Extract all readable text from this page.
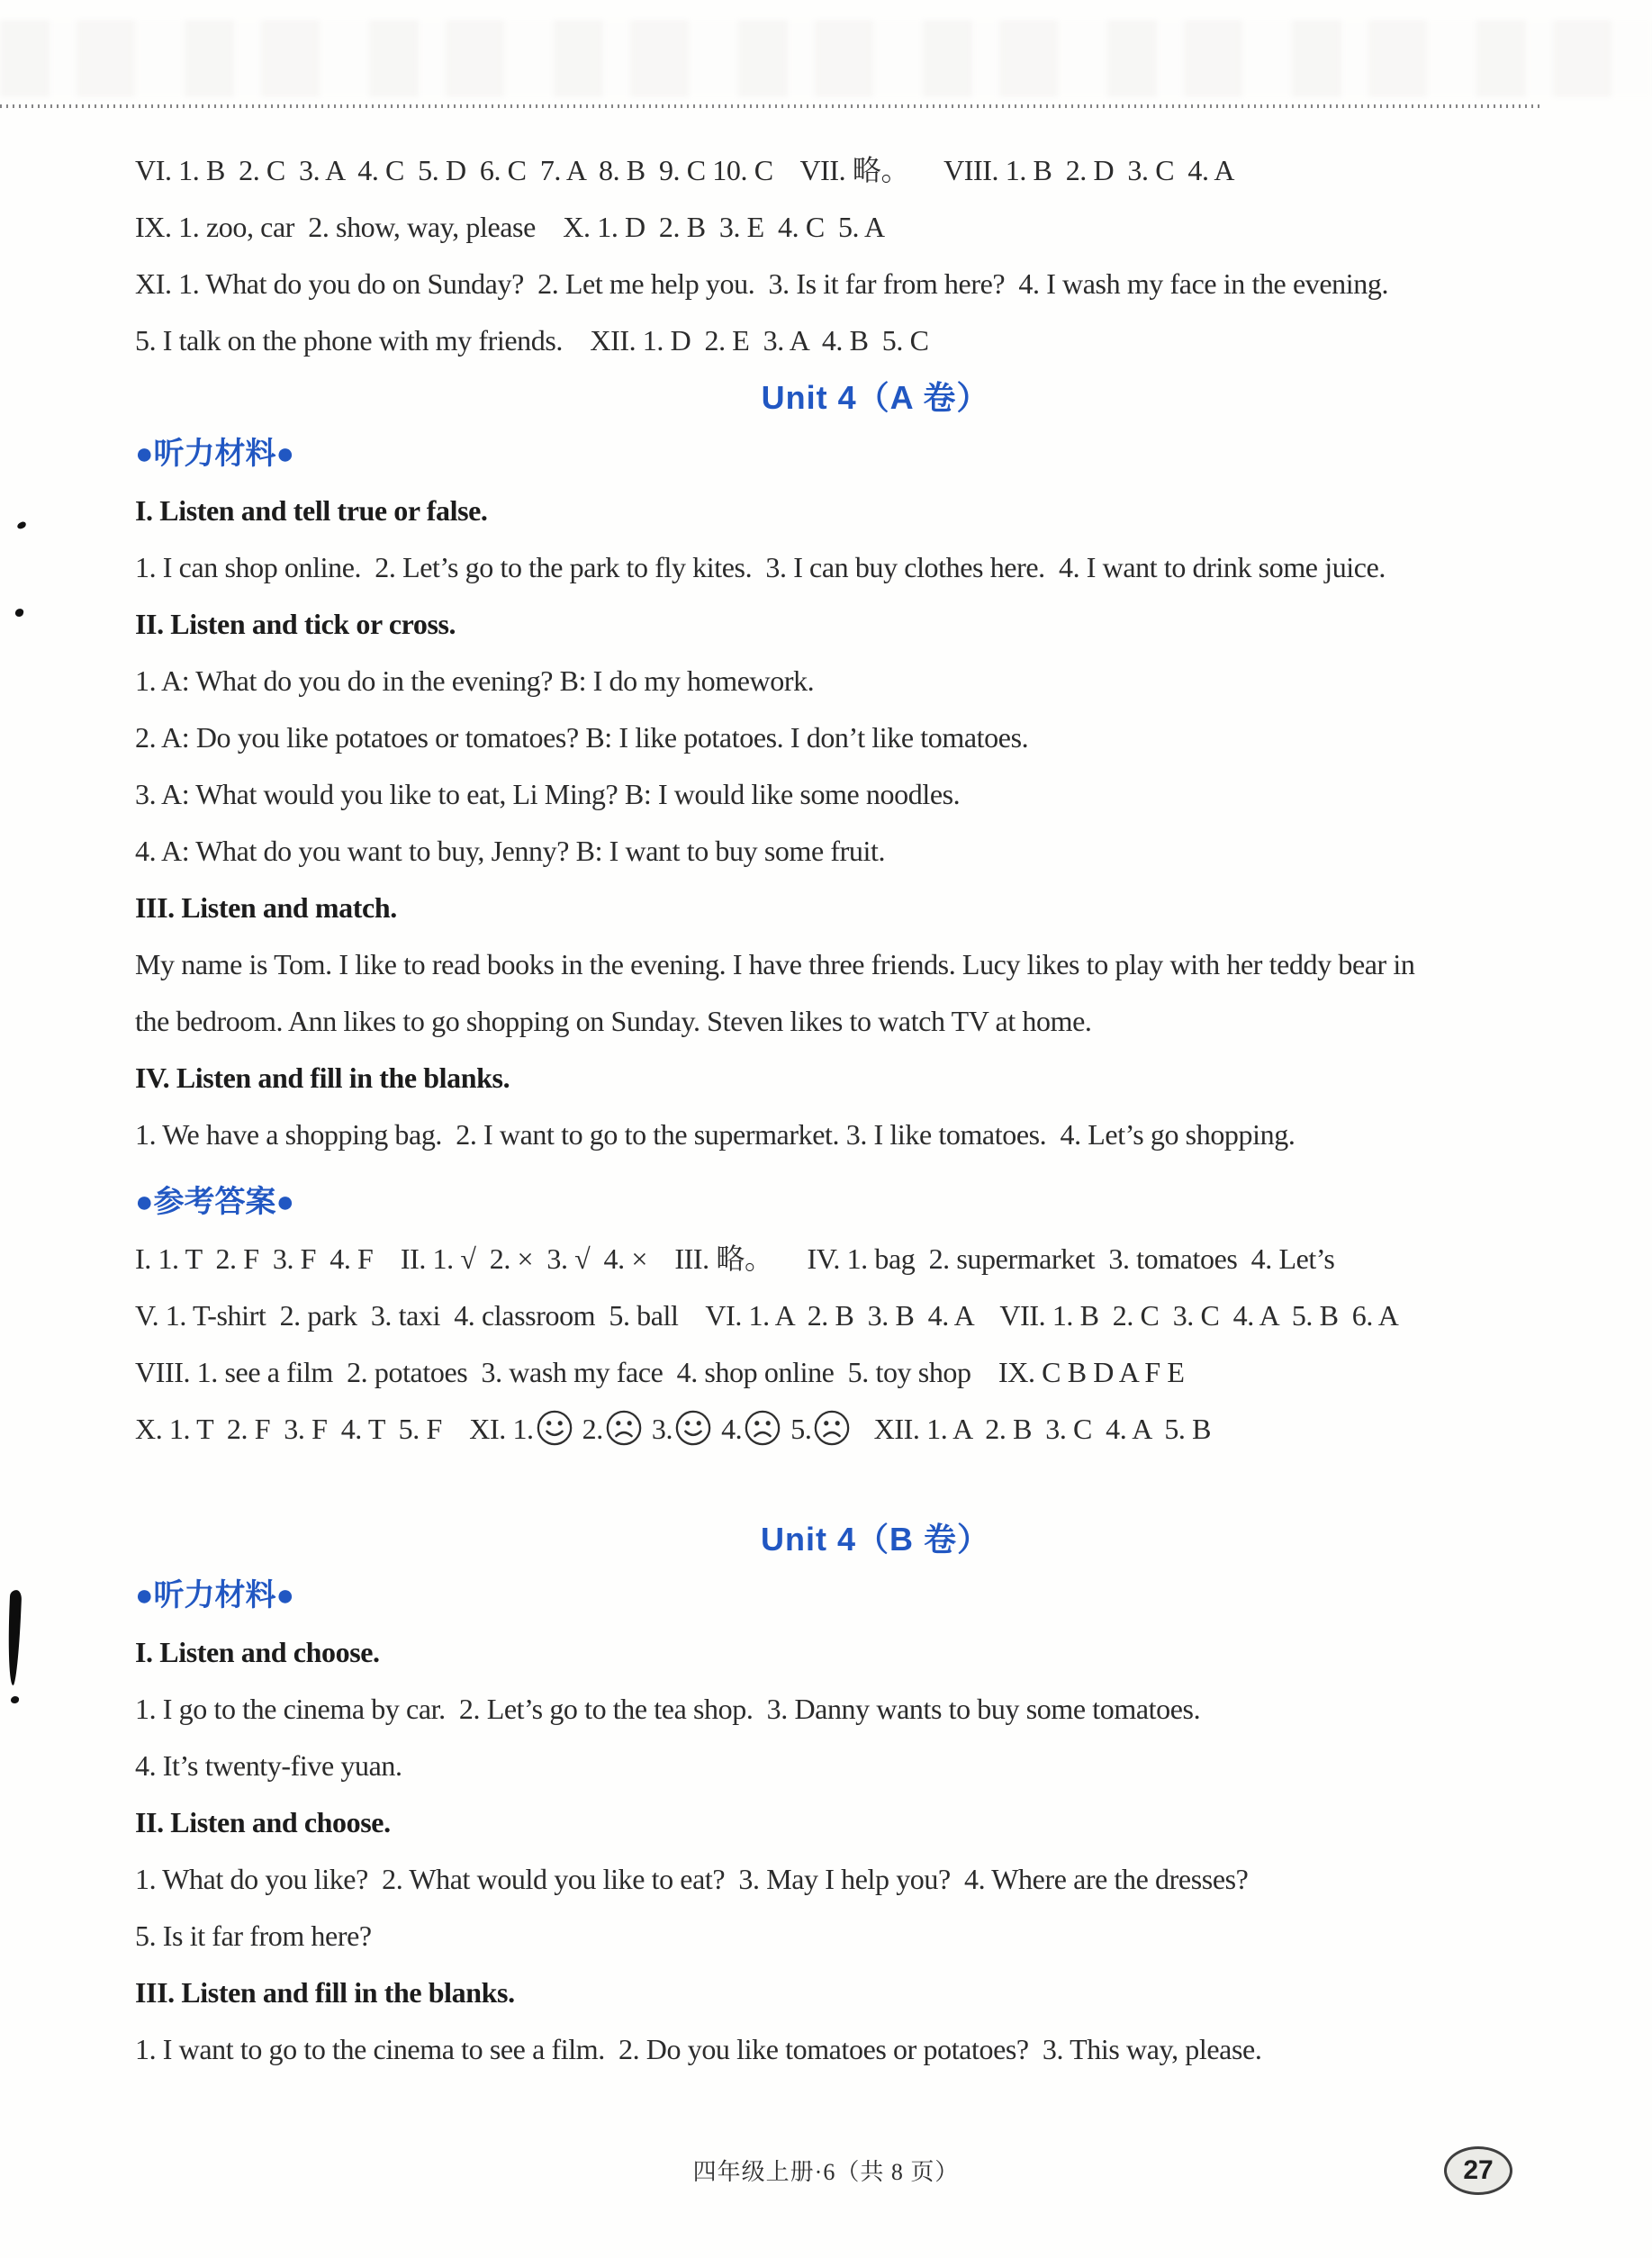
VI. 1. B  2. C  3. A  4. C  5. D  6. C  7. A  8. B  9. C 10. C    VII. 略。     VIII. 1. B  2. D  3. C  4. A
IX. 1. zoo, car  2. show, way, please    X. 1. D  2. B  3. E  4. C  5. A
XI. 1. What do you do on Sunday?  2. Let me help you.  3. Is it far from here?  4. I wash my face in the evening.
5. I talk on the phone with my friends.    XII. 1. D  2. E  3. A  4. B  5. C
Unit 4（A 卷）
●听力材料●
I. Listen and tell true or false.
1. I can shop online.  2. Let’s go to the park to fly kites.  3. I can buy clothes here.  4. I want to drink some juice.
II. Listen and tick or cross.
1. A: What do you do in the evening? B: I do my homework.
2. A: Do you like potatoes or tomatoes? B: I like potatoes. I don’t like tomatoes.
3. A: What would you like to eat, Li Ming? B: I would like some noodles.
4. A: What do you want to buy, Jenny? B: I want to buy some fruit.
III. Listen and match.
My name is Tom. I like to read books in the evening. I have three friends. Lucy likes to play with her teddy bear in
the bedroom. Ann likes to go shopping on Sunday. Steven likes to watch TV at home.
IV. Listen and fill in the blanks.
1. We have a shopping bag.  2. I want to go to the supermarket. 3. I like tomatoes.  4. Let’s go shopping.
●参考答案●
I. 1. T  2. F  3. F  4. F    II. 1. √  2. ×  3. √  4. ×    III. 略。     IV. 1. bag  2. supermarket  3. tomatoes  4. Let’s
V. 1. T-shirt  2. park  3. taxi  4. classroom  5. ball    VI. 1. A  2. B  3. B  4. A    VII. 1. B  2. C  3. C  4. A  5. B  6. A
VIII. 1. see a film  2. potatoes  3. wash my face  4. shop online  5. toy shop    IX. C B D A F E
X. 1. T  2. F  3. F  4. T  5. F    XI. 1. 2. 3. 4. 5.  XII. 1. A  2. B  3. C  4. A  5. B
Unit 4（B 卷）
●听力材料●
I. Listen and choose.
1. I go to the cinema by car.  2. Let’s go to the tea shop.  3. Danny wants to buy some tomatoes.
4. It’s twenty-five yuan.
II. Listen and choose.
1. What do you like?  2. What would you like to eat?  3. May I help you?  4. Where are the dresses?
5. Is it far from here?
III. Listen and fill in the blanks.
1. I want to go to the cinema to see a film.  2. Do you like tomatoes or potatoes?  3. This way, please.
四年级上册·6（共 8 页）	27
